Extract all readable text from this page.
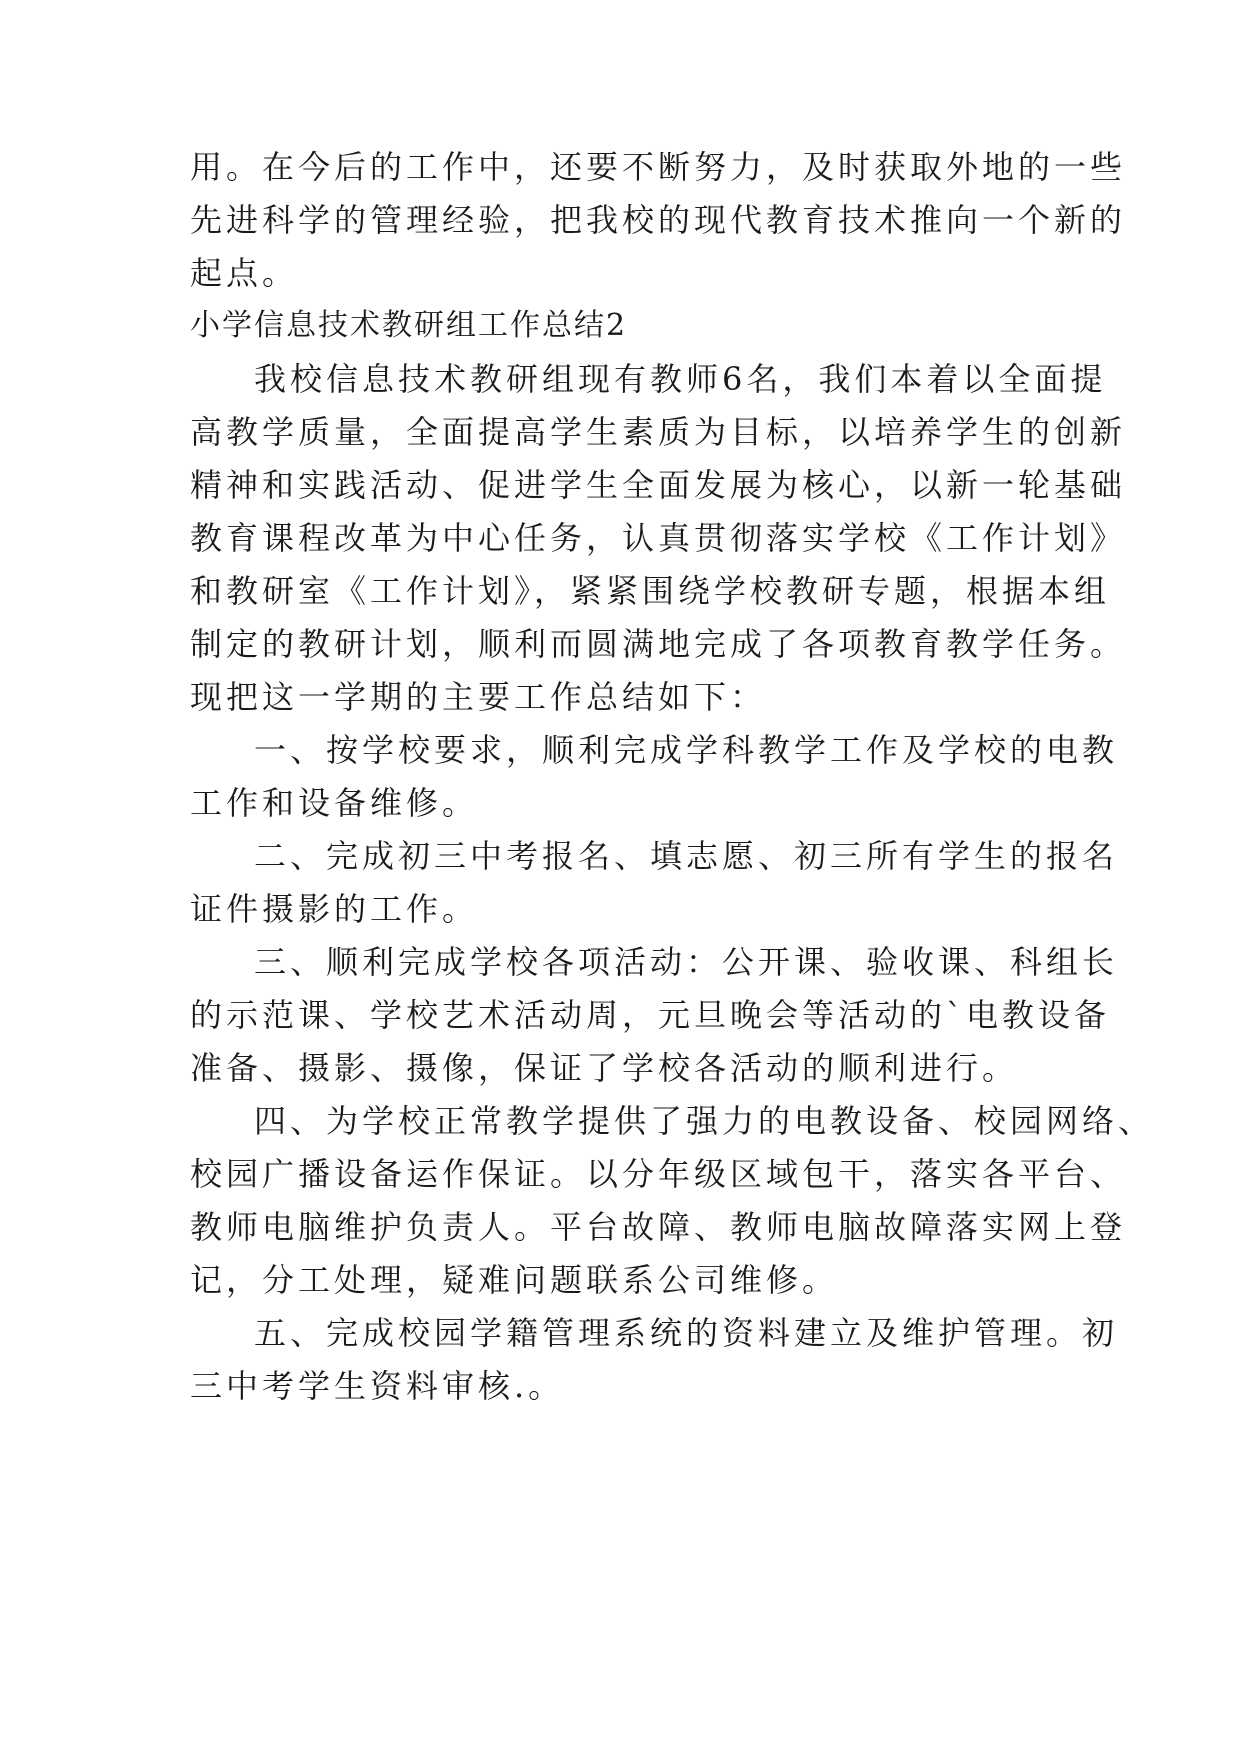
用。在今后的工作中，还要不断努力，及时获取外地的一些
先进科学的管理经验，把我校的现代教育技术推向一个新的
起点。
小学信息技术教研组工作总结2
我校信息技术教研组现有教师6名，我们本着以全面提
高教学质量，全面提高学生素质为目标，以培养学生的创新
精神和实践活动、促进学生全面发展为核心，以新一轮基础
教育课程改革为中心任务，认真贯彻落实学校《工作计划》
和教研室《工作计划》，紧紧围绕学校教研专题，根据本组
制定的教研计划，顺利而圆满地完成了各项教育教学任务。
现把这一学期的主要工作总结如下：
一、按学校要求，顺利完成学科教学工作及学校的电教
工作和设备维修。
二、完成初三中考报名、填志愿、初三所有学生的报名
证件摄影的工作。
三、顺利完成学校各项活动：公开课、验收课、科组长
的示范课、学校艺术活动周，元旦晚会等活动的`电教设备
准备、摄影、摄像，保证了学校各活动的顺利进行。
四、为学校正常教学提供了强力的电教设备、校园网络、
校园广播设备运作保证。以分年级区域包干，落实各平台、
教师电脑维护负责人。平台故障、教师电脑故障落实网上登
记，分工处理，疑难问题联系公司维修。
五、完成校园学籍管理系统的资料建立及维护管理。初
三中考学生资料审核.。
